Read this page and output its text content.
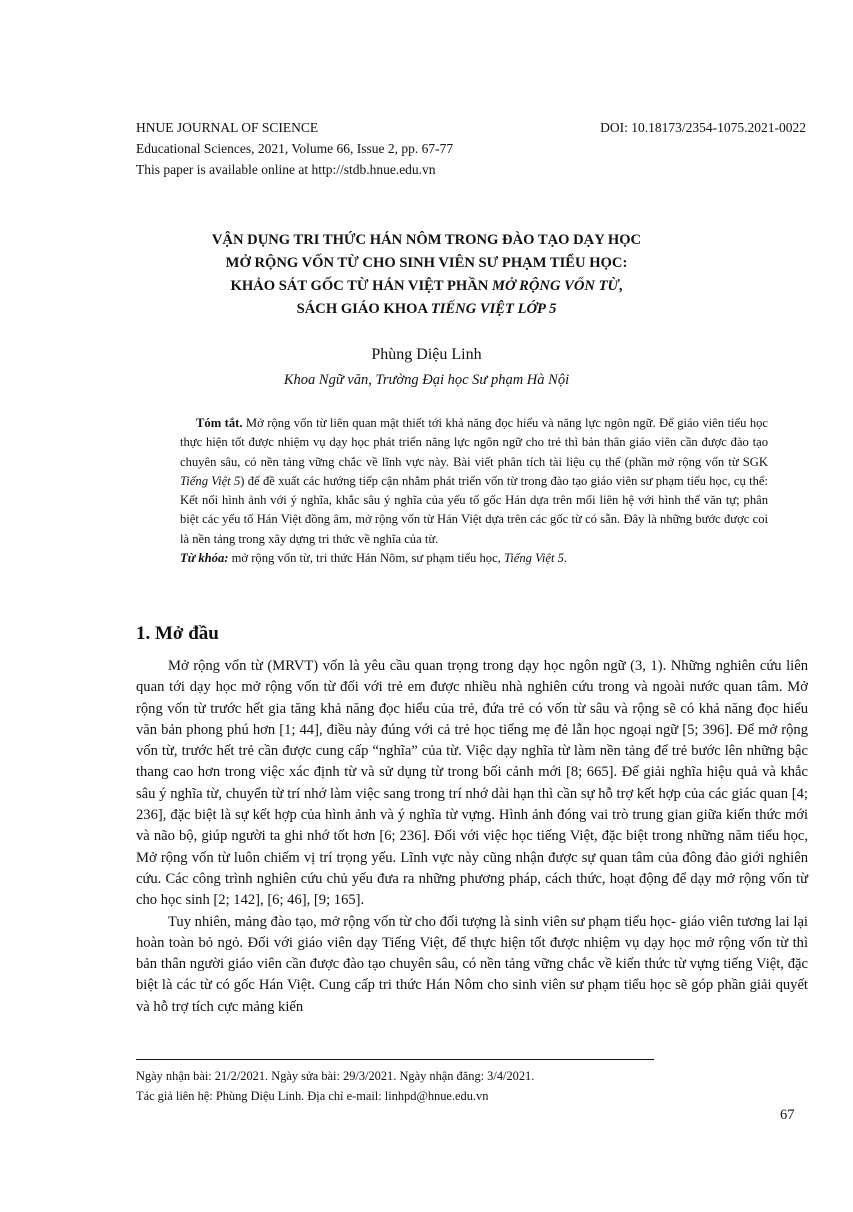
HNUE JOURNAL OF SCIENCE	DOI: 10.18173/2354-1075.2021-0022
Educational Sciences, 2021, Volume 66, Issue 2, pp. 67-77
This paper is available online at http://stdb.hnue.edu.vn
VẬN DỤNG TRI THỨC HÁN NÔM TRONG ĐÀO TẠO DẠY HỌC
MỞ RỘNG VỐN TỪ CHO SINH VIÊN SƯ PHẠM TIỂU HỌC:
KHẢO SÁT GỐC TỪ HÁN VIỆT PHẦN MỞ RỘNG VỐN TỪ,
SÁCH GIÁO KHOA TIẾNG VIỆT LỚP 5
Phùng Diệu Linh
Khoa Ngữ văn, Trường Đại học Sư phạm Hà Nội

Tóm tắt. Mở rộng vốn từ liên quan mật thiết tới khả năng đọc hiểu và năng lực ngôn ngữ. Để giáo viên tiểu học thực hiện tốt được nhiệm vụ dạy học phát triển năng lực ngôn ngữ cho trẻ thì bản thân giáo viên cần được đào tạo chuyên sâu, có nền tảng vững chắc về lĩnh vực này. Bài viết phân tích tài liệu cụ thể (phần mở rộng vốn từ SGK Tiếng Việt 5) để đề xuất các hướng tiếp cận nhằm phát triển vốn từ trong đào tạo giáo viên sư phạm tiểu học, cụ thể: Kết nối hình ảnh với ý nghĩa, khắc sâu ý nghĩa của yếu tố gốc Hán dựa trên mối liên hệ với hình thể văn tự; phân biệt các yếu tố Hán Việt đồng âm, mở rộng vốn từ Hán Việt dựa trên các gốc từ có sẵn. Đây là những bước được coi là nền tảng trong xây dựng tri thức về nghĩa của từ.

Từ khóa: mở rộng vốn từ, tri thức Hán Nôm, sư phạm tiểu học, Tiếng Việt 5.

1. Mở đầu

Mở rộng vốn từ (MRVT) vốn là yêu cầu quan trọng trong dạy học ngôn ngữ (3, 1). Những nghiên cứu liên quan tới dạy học mở rộng vốn từ đối với trẻ em được nhiều nhà nghiên cứu trong và ngoài nước quan tâm. Mở rộng vốn từ trước hết gia tăng khả năng đọc hiểu của trẻ, đứa trẻ có vốn từ sâu và rộng sẽ có khả năng đọc hiểu văn bản phong phú hơn [1; 44], điều này đúng với cả trẻ học tiếng mẹ đẻ lẫn học ngoại ngữ [5; 396]. Để mở rộng vốn từ, trước hết trẻ cần được cung cấp “nghĩa” của từ. Việc dạy nghĩa từ làm nền tảng để trẻ bước lên những bậc thang cao hơn trong việc xác định từ và sử dụng từ trong bối cảnh mới [8; 665]. Để giải nghĩa hiệu quả và khắc sâu ý nghĩa từ, chuyển từ trí nhớ làm việc sang trong trí nhớ dài hạn thì cần sự hỗ trợ kết hợp của các giác quan [4; 236], đặc biệt là sự kết hợp của hình ảnh và ý nghĩa từ vựng. Hình ảnh đóng vai trò trung gian giữa kiến thức mới và não bộ, giúp người ta ghi nhớ tốt hơn [6; 236]. Đối với việc học tiếng Việt, đặc biệt trong những năm tiểu học, Mở rộng vốn từ luôn chiếm vị trí trọng yếu. Lĩnh vực này cũng nhận được sự quan tâm của đông đảo giới nghiên cứu. Các công trình nghiên cứu chủ yếu đưa ra những phương pháp, cách thức, hoạt động để dạy mở rộng vốn từ cho học sinh [2; 142], [6; 46], [9; 165].

Tuy nhiên, mảng đào tạo, mở rộng vốn từ cho đối tượng là sinh viên sư phạm tiểu học- giáo viên tương lai lại hoàn toàn bỏ ngỏ. Đối với giáo viên dạy Tiếng Việt, để thực hiện tốt được nhiệm vụ dạy học mở rộng vốn từ thì bản thân người giáo viên cần được đào tạo chuyên sâu, có nền tảng vững chắc về kiến thức từ vựng tiếng Việt, đặc biệt là các từ có gốc Hán Việt. Cung cấp tri thức Hán Nôm cho sinh viên sư phạm tiểu học sẽ góp phần giải quyết và hỗ trợ tích cực mảng kiến

Ngày nhận bài: 21/2/2021. Ngày sửa bài: 29/3/2021. Ngày nhận đăng: 3/4/2021.
Tác giả liên hệ: Phùng Diệu Linh. Địa chỉ e-mail: linhpd@hnue.edu.vn
67
